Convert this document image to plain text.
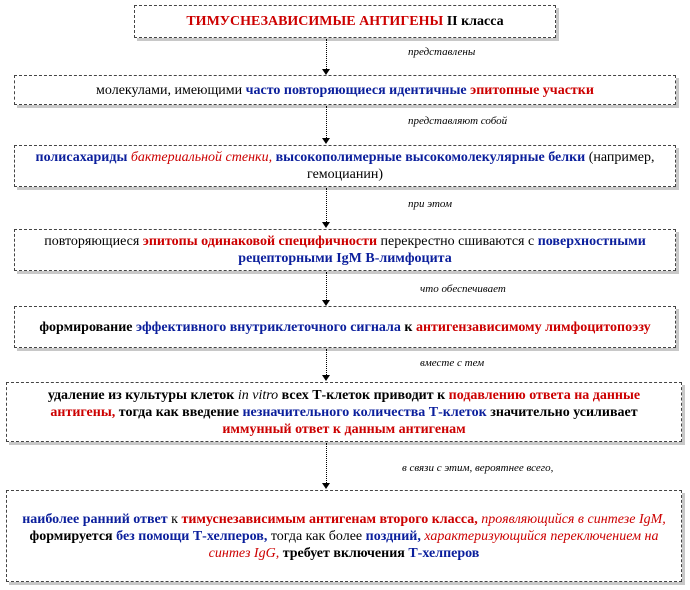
ТИМУСНЕЗАВИСИМЫЕ АНТИГЕНЫ II класса

представлены

молекулами, имеющими часто повторяющиеся идентичные эпитопные участки

представляют собой

полисахариды бактериальной стенки, высокополимерные высокомолекулярные белки (например, гемоцианин)

при этом

повторяющиеся эпитопы одинаковой специфичности перекрестно сшиваются с поверхностными рецепторными IgM В-лимфоцита

что обеспечивает

формирование эффективного внутриклеточного сигнала к антигензависимому лимфоцитопоэзу

вместе с тем

удаление из культуры клеток in vitro всех Т-клеток приводит к подавлению ответа на данные антигены, тогда как введение незначительного количества Т-клеток значительно усиливает иммунный ответ к данным антигенам

в связи с этим, вероятнее всего,

наиболее ранний ответ к тимуснезависимым антигенам второго класса, проявляющийся в синтезе IgM, формируется без помощи Т-хелперов, тогда как более поздний, характеризующийся переключением на синтез IgG, требует включения Т-хелперов
